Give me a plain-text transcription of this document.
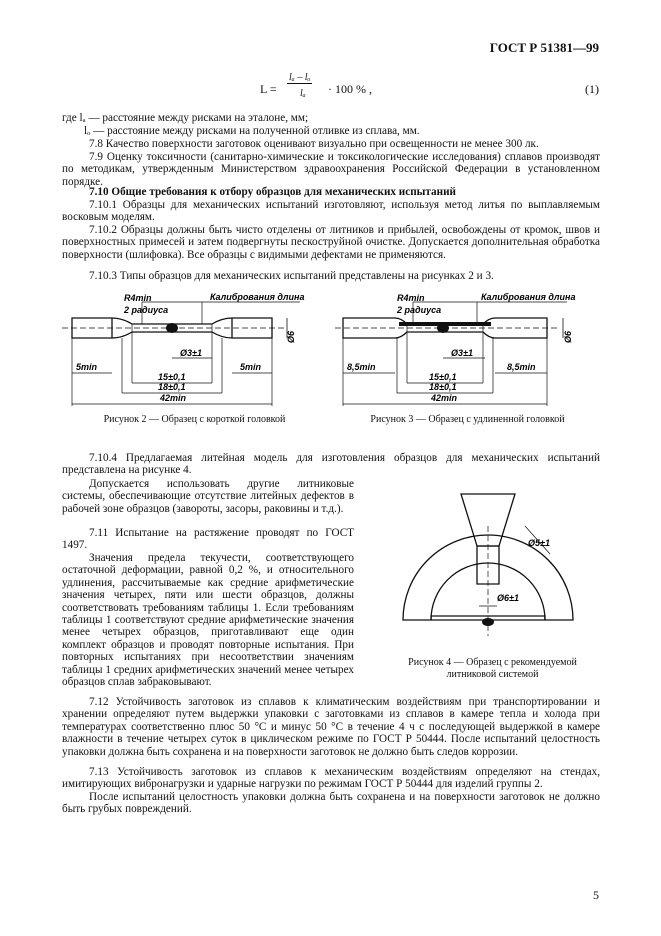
ГОСТ Р 51381—99
L =
lₐ – lₒ
lₐ · 100 % ,	(1)
где lₐ — расстояние между рисками на эталоне, мм;
lₒ — расстояние между рисками на полученной отливке из сплава, мм.
7.8 Качество поверхности заготовок оценивают визуально при освещенности не менее 300 лк.
7.9 Оценку токсичности (санитарно-химические и токсикологические исследования) сплавов производят по методикам, утвержденным Министерством здравоохранения Российской Федерации в установленном порядке.
7.10 Общие требования к отбору образцов для механических испытаний
7.10.1 Образцы для механических испытаний изготовляют, используя метод литья по выплавляемым восковым моделям.
7.10.2 Образцы должны быть чисто отделены от литников и прибылей, освобождены от кромок, швов и поверхностных примесей и затем подвергнуты пескоструйной очистке. Допускается дополнительная обработка поверхности (шлифовка). Все образцы с видимыми дефектами не применяются.
7.10.3 Типы образцов для механических испытаний представлены на рисунках 2 и 3.
R4min
2 радиуса
Калибрования длина
Ø6
Ø3±1
15±0,1
18±0,1
42min
5min	5min
Рисунок 2 — Образец с короткой головкой
R4min
2 радиуса
Калибрования длина
Ø6
Ø3±1
15±0,1
18±0,1
42min
8,5min	8,5min
Рисунок 3 — Образец с удлиненной головкой
7.10.4 Предлагаемая литейная модель для изготовления образцов для механических испытаний представлена на рисунке 4.
Допускается использовать другие литниковые системы, обеспечивающие отсутствие литейных дефектов в рабочей зоне образцов (завороты, засоры, раковины и т.д.).
7.11 Испытание на растяжение проводят по ГОСТ 1497.
Значения предела текучести, соответствующего остаточной деформации, равной 0,2 %, и относительного удлинения, рассчитываемые как средние арифметические значения четырех, пяти или шести образцов, должны соответствовать требованиям таблицы 1. Если требованиям таблицы 1 соответствуют средние арифметические значения менее четырех образцов, приготавливают еще один комплект образцов и проводят повторные испытания. При повторных испытаниях при несоответствии значениям таблицы 1 средних арифметических значений менее четырех образцов сплав забраковывают.
Ø5±1
Ø6±1
Рисунок 4 — Образец с рекомендуемой
литниковой системой
7.12 Устойчивость заготовок из сплавов к климатическим воздействиям при транспортировании и хранении определяют путем выдержки упаковки с заготовками из сплавов в камере тепла и холода при температурах соответственно плюс 50 °С и минус 50 °С в течение 4 ч с последующей выдержкой в камере влажности в течение четырех суток в циклическом режиме по ГОСТ Р 50444. После испытаний целостность упаковки должна быть сохранена и на поверхности заготовок не должно быть следов коррозии.
7.13 Устойчивость заготовок из сплавов к механическим воздействиям определяют на стендах, имитирующих вибронагрузки и ударные нагрузки по режимам ГОСТ Р 50444 для изделий группы 2.
После испытаний целостность упаковки должна быть сохранена и на поверхности заготовок не должно быть грубых повреждений.
5
